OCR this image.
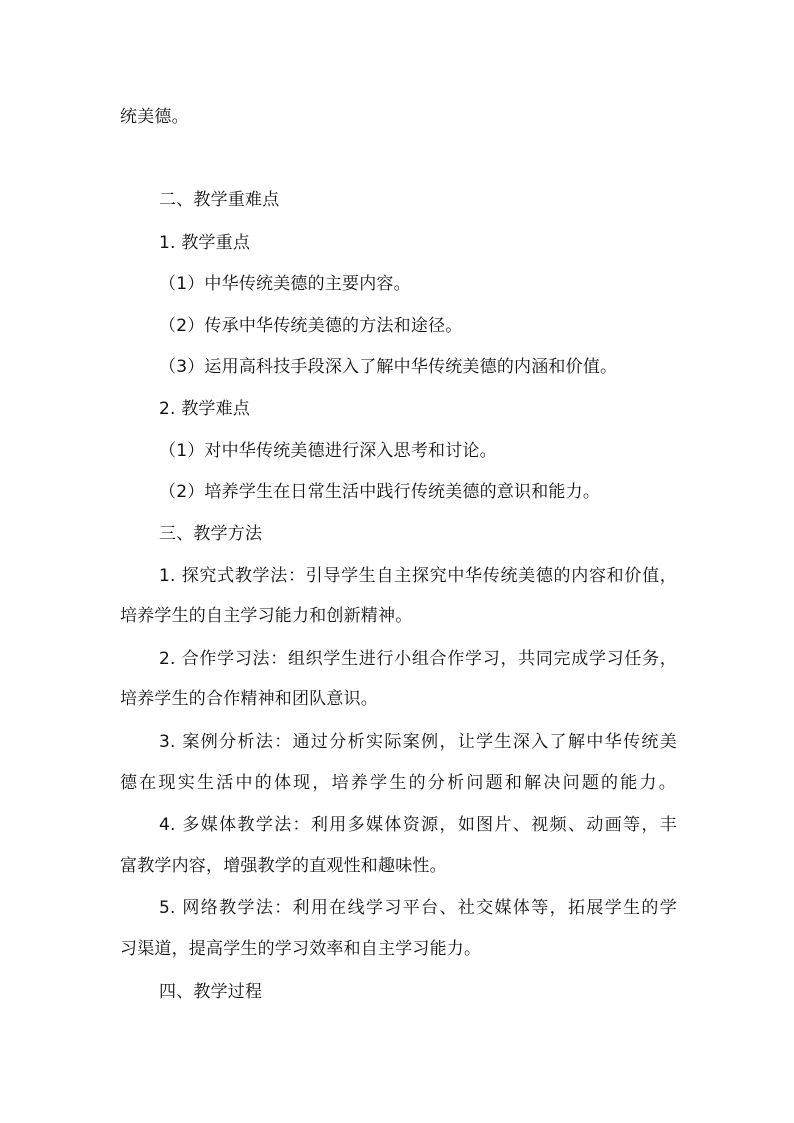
统美德。
二、教学重难点
1. 教学重点
（1）中华传统美德的主要内容。
（2）传承中华传统美德的方法和途径。
（3）运用高科技手段深入了解中华传统美德的内涵和价值。
2. 教学难点
（1）对中华传统美德进行深入思考和讨论。
（2）培养学生在日常生活中践行传统美德的意识和能力。
三、教学方法
1. 探究式教学法：引导学生自主探究中华传统美德的内容和价值，
培养学生的自主学习能力和创新精神。
2. 合作学习法：组织学生进行小组合作学习，共同完成学习任务，
培养学生的合作精神和团队意识。
3. 案例分析法：通过分析实际案例，让学生深入了解中华传统美
德在现实生活中的体现，培养学生的分析问题和解决问题的能力。
4. 多媒体教学法：利用多媒体资源，如图片、视频、动画等，丰
富教学内容，增强教学的直观性和趣味性。
5. 网络教学法：利用在线学习平台、社交媒体等，拓展学生的学
习渠道，提高学生的学习效率和自主学习能力。
四、教学过程
